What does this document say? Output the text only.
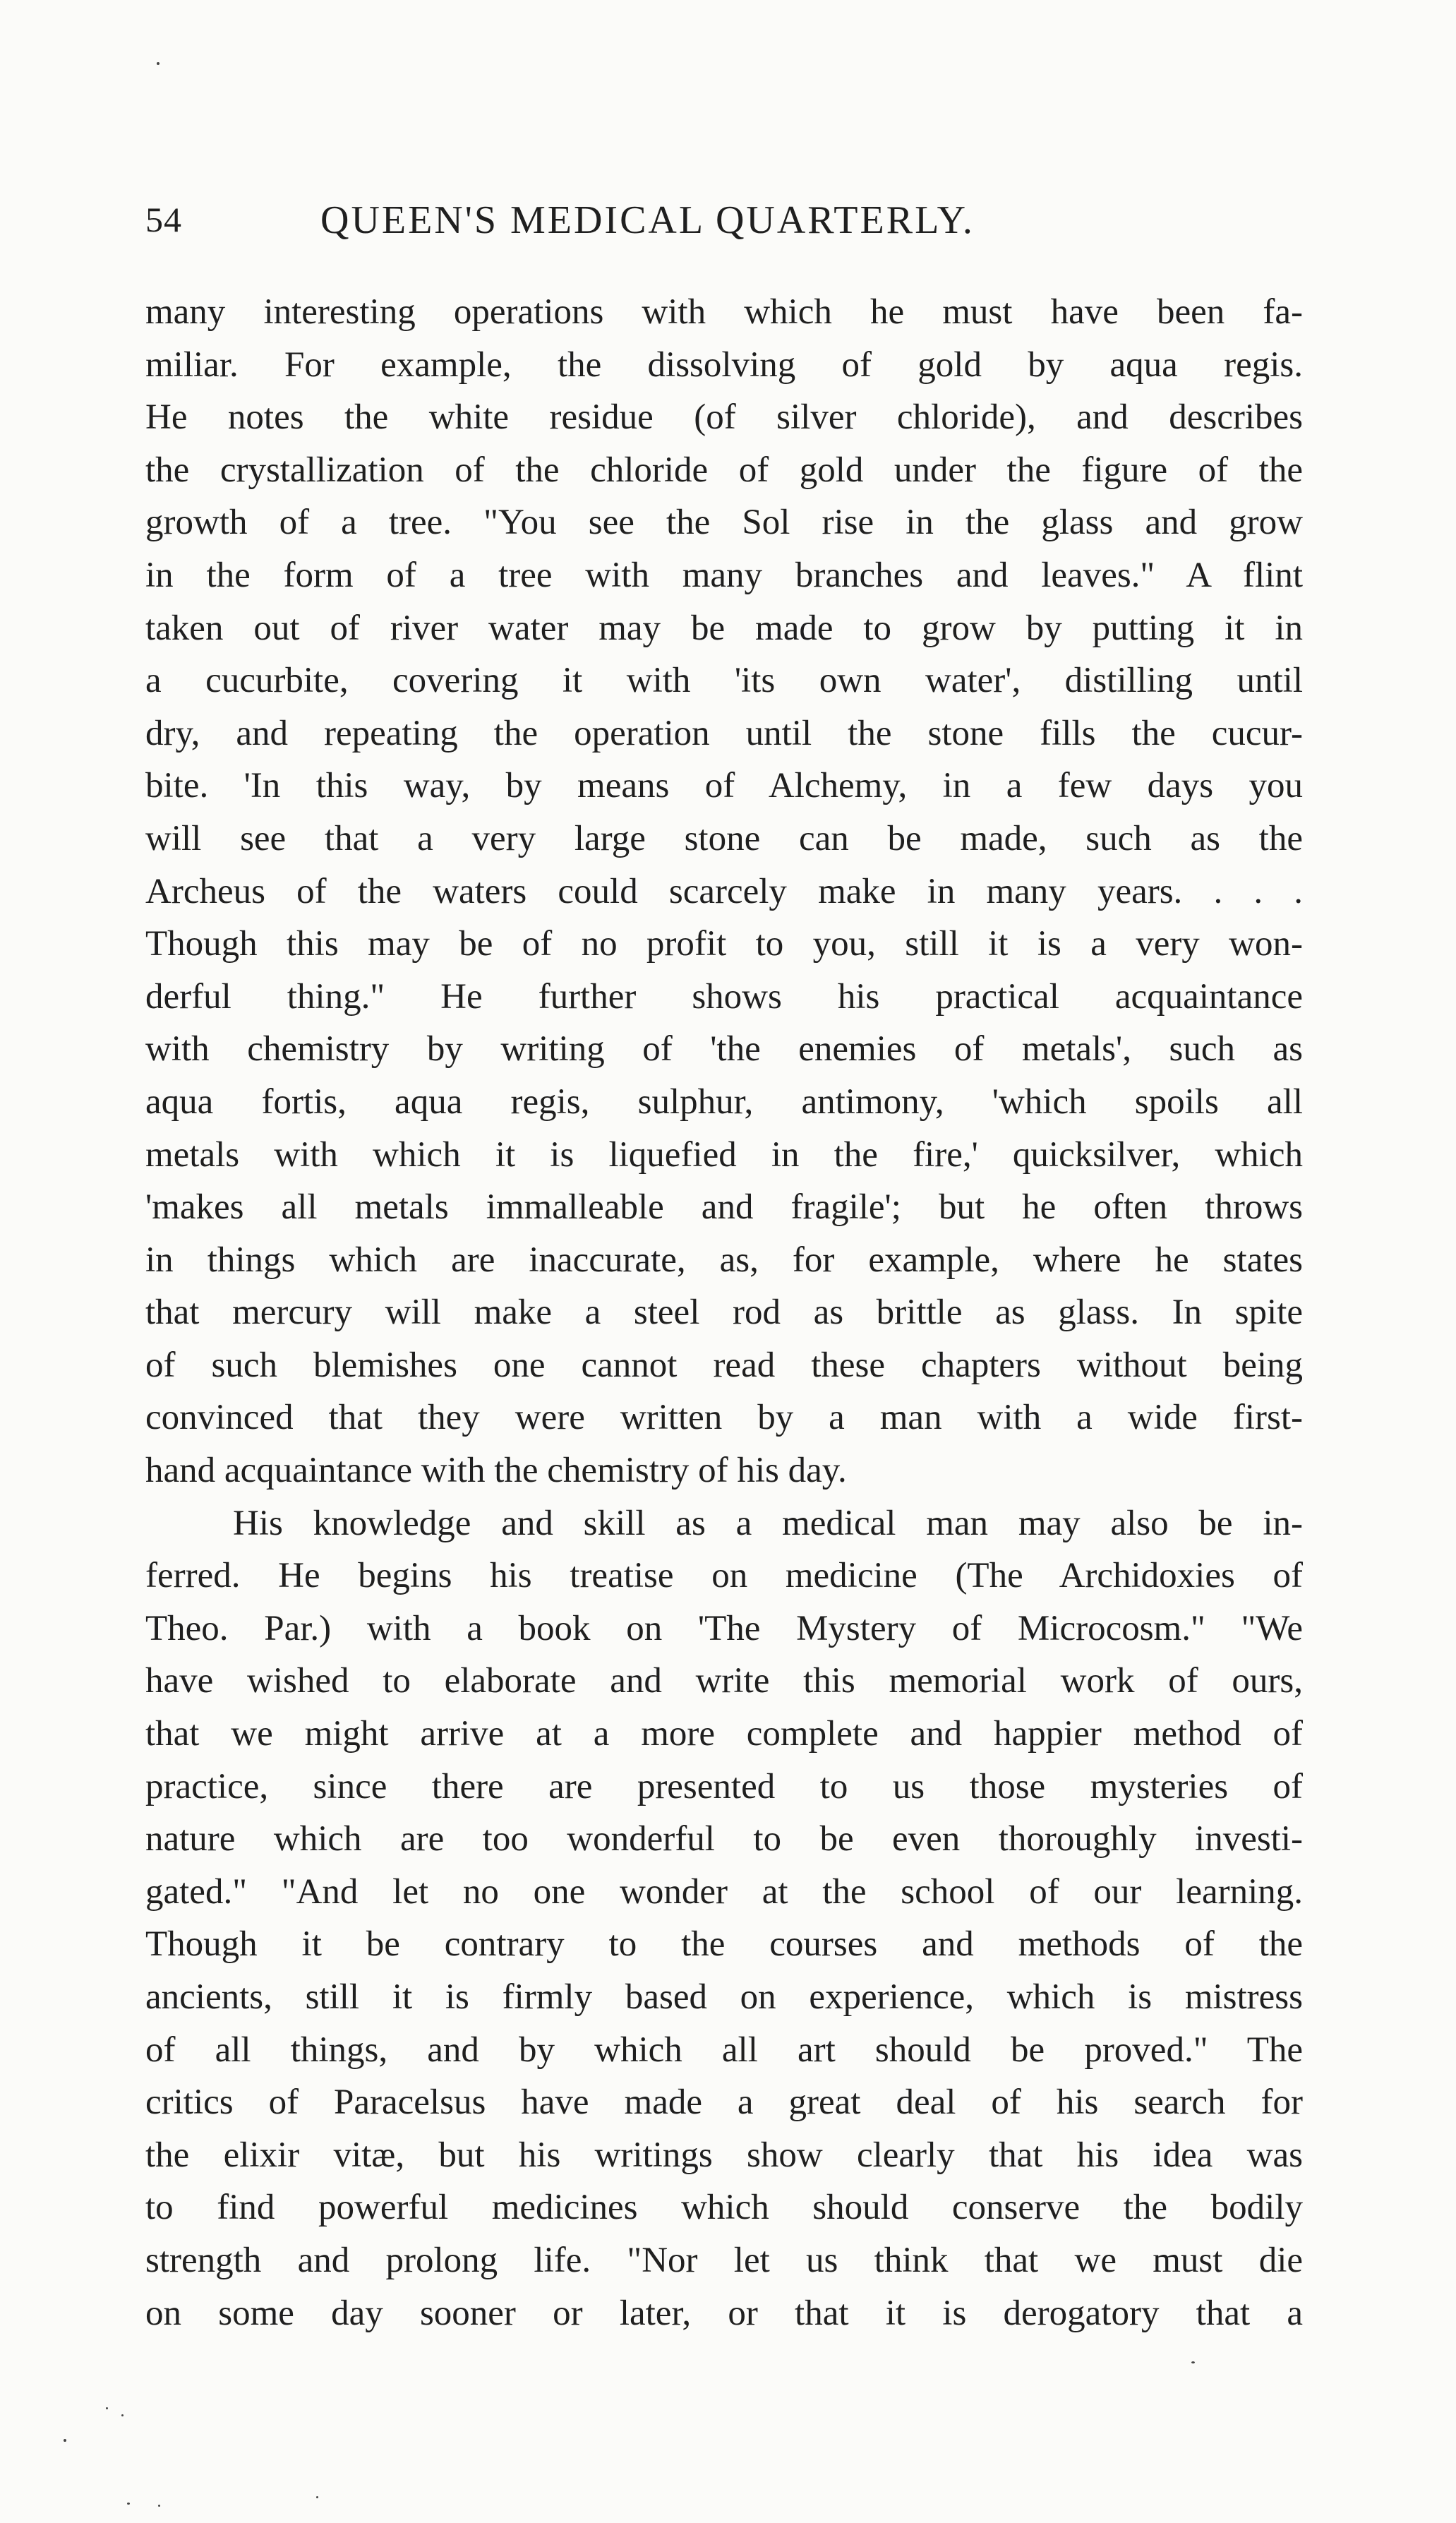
54	QUEEN'S MEDICAL QUARTERLY.
many interesting operations with which he must have been fa-
miliar. For example, the dissolving of gold by aqua regis.
He notes the white residue (of silver chloride), and describes
the crystallization of the chloride of gold under the figure of the
growth of a tree. "You see the Sol rise in the glass and grow
in the form of a tree with many branches and leaves." A flint
taken out of river water may be made to grow by putting it in
a cucurbite, covering it with 'its own water', distilling until
dry, and repeating the operation until the stone fills the cucur-
bite. 'In this way, by means of Alchemy, in a few days you
will see that a very large stone can be made, such as the
Archeus of the waters could scarcely make in many years. . . .
Though this may be of no profit to you, still it is a very won-
derful thing." He further shows his practical acquaintance
with chemistry by writing of 'the enemies of metals', such as
aqua fortis, aqua regis, sulphur, antimony, 'which spoils all
metals with which it is liquefied in the fire,' quicksilver, which
'makes all metals immalleable and fragile'; but he often throws
in things which are inaccurate, as, for example, where he states
that mercury will make a steel rod as brittle as glass. In spite
of such blemishes one cannot read these chapters without being
convinced that they were written by a man with a wide first-
hand acquaintance with the chemistry of his day.
His knowledge and skill as a medical man may also be in-
ferred. He begins his treatise on medicine (The Archidoxies of
Theo. Par.) with a book on 'The Mystery of Microcosm." "We
have wished to elaborate and write this memorial work of ours,
that we might arrive at a more complete and happier method of
practice, since there are presented to us those mysteries of
nature which are too wonderful to be even thoroughly investi-
gated." "And let no one wonder at the school of our learning.
Though it be contrary to the courses and methods of the
ancients, still it is firmly based on experience, which is mistress
of all things, and by which all art should be proved." The
critics of Paracelsus have made a great deal of his search for
the elixir vitæ, but his writings show clearly that his idea was
to find powerful medicines which should conserve the bodily
strength and prolong life. "Nor let us think that we must die
on some day sooner or later, or that it is derogatory that a
